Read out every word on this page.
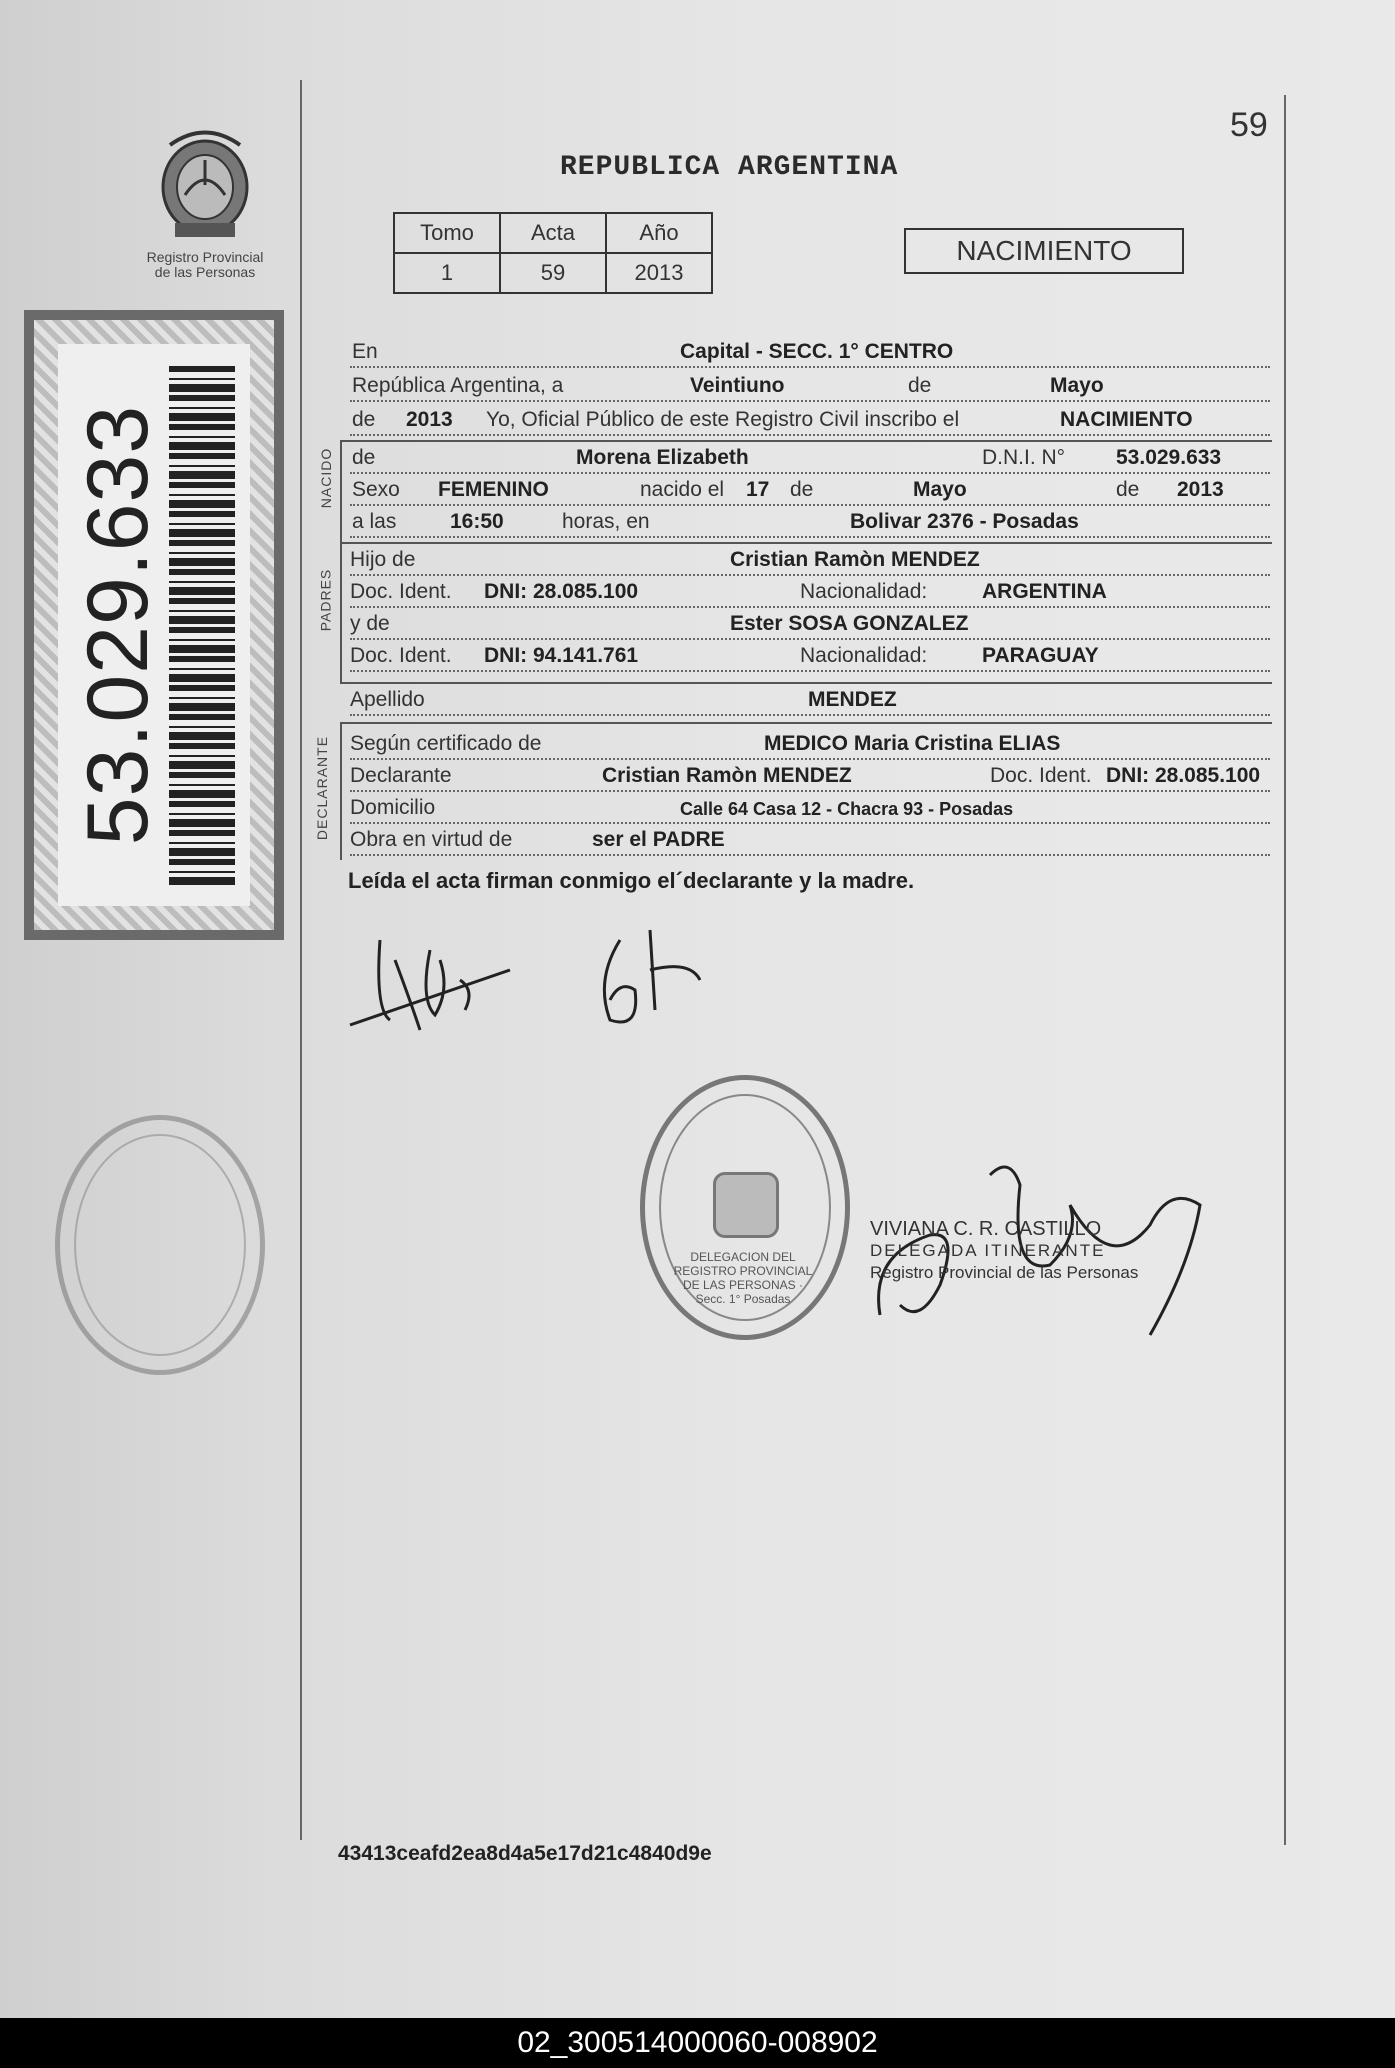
Registro Provincial
de las Personas
53.029.633
59
REPUBLICA ARGENTINA
Tomo	Acta	Año
1	59	2013
NACIMIENTO
En	Capital - SECC. 1° CENTRO
República Argentina, a	Veintiuno	de	Mayo
de 2013 Yo, Oficial Público de este Registro Civil inscribo el	NACIMIENTO
de	Morena Elizabeth	D.N.I. N° 53.029.633
Sexo FEMENINO	nacido el 17 de	Mayo	de 2013
a las	16:50	horas, en	Bolivar 2376 - Posadas
NACIDO
Hijo de	Cristian Ramòn MENDEZ
Doc. Ident. DNI: 28.085.100	Nacionalidad:	ARGENTINA
y de	Ester SOSA GONZALEZ
Doc. Ident. DNI: 94.141.761	Nacionalidad:	PARAGUAY
PADRES
Apellido	MENDEZ
Según certificado de	MEDICO Maria Cristina ELIAS
Declarante	Cristian Ramòn MENDEZ	Doc. Ident. DNI: 28.085.100
Domicilio	Calle 64 Casa 12 - Chacra 93 - Posadas
Obra en virtud de	ser el PADRE
DECLARANTE
Leída el acta firman conmigo el´declarante y la madre.
DELEGACION DEL REGISTRO PROVINCIAL DE LAS PERSONAS · Secc. 1° Posadas
VIVIANA C. R. CASTILLO
DELEGADA ITINERANTE
Registro Provincial de las Personas
43413ceafd2ea8d4a5e17d21c4840d9e
02_300514000060-008902
